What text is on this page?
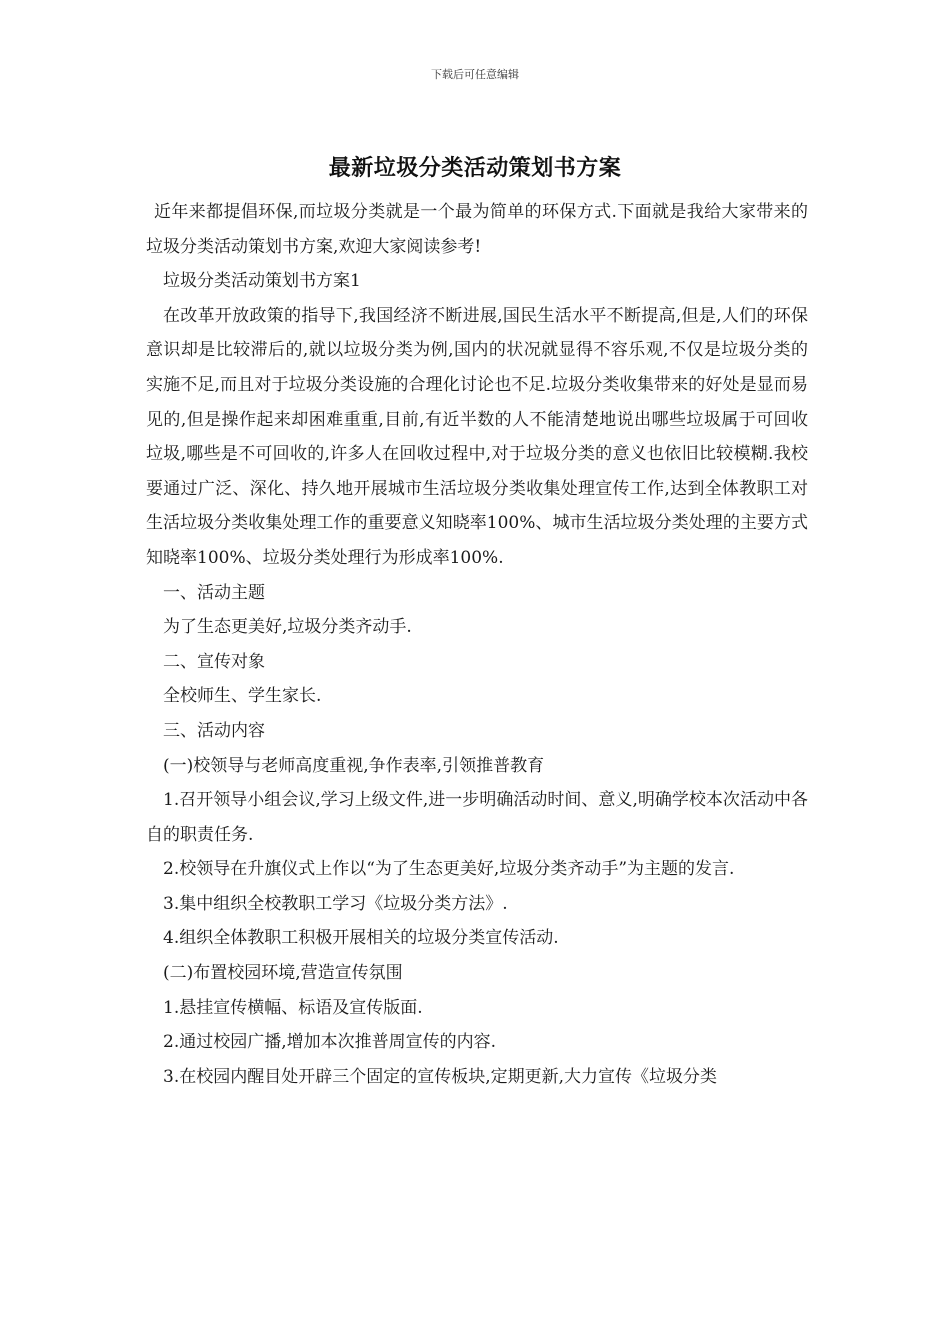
下载后可任意编辑
最新垃圾分类活动策划书方案

近年来都提倡环保,而垃圾分类就是一个最为简单的环保方式.下面就是我给大家带来的垃圾分类活动策划书方案,欢迎大家阅读参考!

垃圾分类活动策划书方案1

在改革开放政策的指导下,我国经济不断进展,国民生活水平不断提高,但是,人们的环保意识却是比较滞后的,就以垃圾分类为例,国内的状况就显得不容乐观,不仅是垃圾分类的实施不足,而且对于垃圾分类设施的合理化讨论也不足.垃圾分类收集带来的好处是显而易见的,但是操作起来却困难重重,目前,有近半数的人不能清楚地说出哪些垃圾属于可回收垃圾,哪些是不可回收的,许多人在回收过程中,对于垃圾分类的意义也依旧比较模糊.我校要通过广泛、深化、持久地开展城市生活垃圾分类收集处理宣传工作,达到全体教职工对生活垃圾分类收集处理工作的重要意义知晓率100%、城市生活垃圾分类处理的主要方式知晓率100%、垃圾分类处理行为形成率100%.

一、活动主题

为了生态更美好,垃圾分类齐动手.

二、宣传对象

全校师生、学生家长.

三、活动内容

(一)校领导与老师高度重视,争作表率,引领推普教育

1.召开领导小组会议,学习上级文件,进一步明确活动时间、意义,明确学校本次活动中各自的职责任务.

2.校领导在升旗仪式上作以“为了生态更美好,垃圾分类齐动手”为主题的发言.

3.集中组织全校教职工学习《垃圾分类方法》.

4.组织全体教职工积极开展相关的垃圾分类宣传活动.

(二)布置校园环境,营造宣传氛围

1.悬挂宣传横幅、标语及宣传版面.

2.通过校园广播,增加本次推普周宣传的内容.

3.在校园内醒目处开辟三个固定的宣传板块,定期更新,大力宣传《垃圾分类
